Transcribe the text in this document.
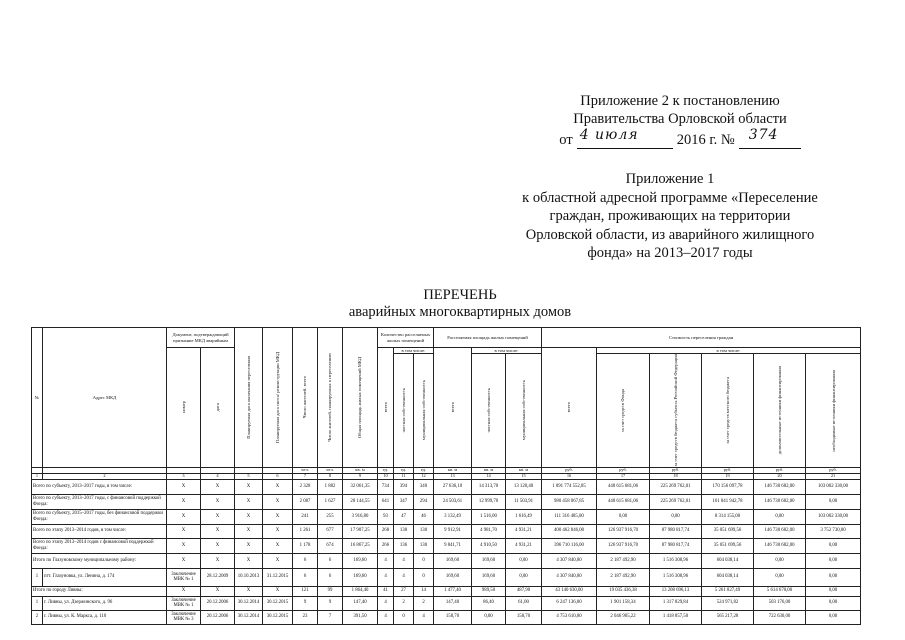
Приложение 2 к постановлению
Правительства Орловской области
от 4 июля	2016 г. № 374
Приложение 1
к областной адресной программе «Переселение
граждан, проживающих на территории
Орловской области, из аварийного жилищного
фонда» на 2013–2017 годы
ПЕРЕЧЕНЬ
аварийных многоквартирных домов
№	Адрес МКД	Документ, подтверждающий признание МКД аварийным		Планируемая дата окончания переселения	Планируемая дата сноса/ реконструкции МКД	Число жителей, всего	Число жителей, планируемых к переселению	Общая площадь жилых помещений МКД	Количество расселяемых жилых помещений			Расселяемая площадь жилых помещений			Стоимость переселения граждан					

		номер	дата						всего	в том числе:		всего	в том числе:		всего	в том числе:				

										частная собственность	муниципальная собственность		частная собственность	муниципальная собственность		за счет средств Фонда	за счет средств бюджета субъекта Российской Федерации	за счет средств местного бюджета	дополнительные источники финансирования	необходимые источники финансирования

						чел.	чел.	кв. м	ед.	ед.	ед.	кв. м	кв. м	кв. м	руб.	руб.	руб.	руб.	руб.	руб.
1	2	3	4	5	6	7	8	9	10	11	12	13	14	15	16	17	18	19	20	21
Всего по субъекту, 2013–2017 годы, в том числе:		X	X	X	X	2 328	1 882	32 061,35	734	394	340	27 636,10	14 313,70	13 120,40	1 091 774 552,85	448 615 681,06	225 269 762,01	170 156 097,78	146 730 682,00	103 002 330,00
Всего по субъекту, 2013–2017 годы, с финансовой поддержкой Фонда:		X	X	X	X	2 087	1 627	28 144,55	641	347	294	24 503,61	12 999,70	11 503,91	980 458 067,85	448 615 681,06	225 269 762,01	161 841 942,78	146 730 682,00	0,00
Всего по субъекту, 2015–2017 годы, без финансовой поддержки Фонда:		X	X	X	X	241	255	3 916,80	93	47	46	3 132,49	1 516,00	1 616,49	111 316 485,00	0,00	0,00	8 314 155,00	0,00	103 002 330,00
Всего по этапу 2013–2014 годов, в том числе:		X	X	X	X	1 261	677	17 907,25	268	138	130	9 912,91	4 981,70	4 931,21	400 462 846,00	126 937 916,70	87 980 817,74	35 051 699,56	146 730 682,00	3 752 730,00
Всего по этапу 2013–2014 годов с финансовой поддержкой Фонда:		X	X	X	X	1 178	674	16 867,25	266	136	130	9 841,71	4 910,50	4 931,21	396 710 116,00	126 937 916,70	87 980 817,74	35 051 699,56	146 730 682,00	0,00
Итого по Глазуновскому муниципальному району:		X	X	X	X	6	6	169,60	4	4	0	169,60	169,60	0,00	4 307 840,00	2 187 492,90	1 516 308,96	604 038,14	0,00	0,00
1	пгт. Глазуновка, ул. Ленина, д. 174	Заключение МВК № 1	28.12.2009	10.10.2013	31.12.2015	6	6	169,60	4	4	0	169,60	169,60	0,00	4 307 840,00	2 187 492,90	1 516 308,96	604 038,14	0,00	0,00
Итого по городу Ливны:		X	X	X	X	121	99	1 864,40	41	27	14	1 477,40	989,50	487,90	43 140 630,00	19 035 436,38	13 208 696,13	5 261 827,49	5 614 670,00	0,00
1	г. Ливны, ул. Дзержинского, д. 96	Заключение МВК № 1	20.12.2006	30.12.2014	30.12.2015	9	9	147,40	4	2	2	147,40	86,40	61,00	6 247 136,00	1 901 158,34	1 317 829,84	524 971,82	503 176,00	0,00
2	г. Ливны, ул. К. Маркса, д. 110	Заключение МВК № 3	20.12.2006	30.12.2014	30.12.2015	23	7	391,50	4	0	4	158,70	0,00	158,70	4 753 610,00	2 046 905,22	1 418 857,50	565 217,28	722 630,00	0,00
